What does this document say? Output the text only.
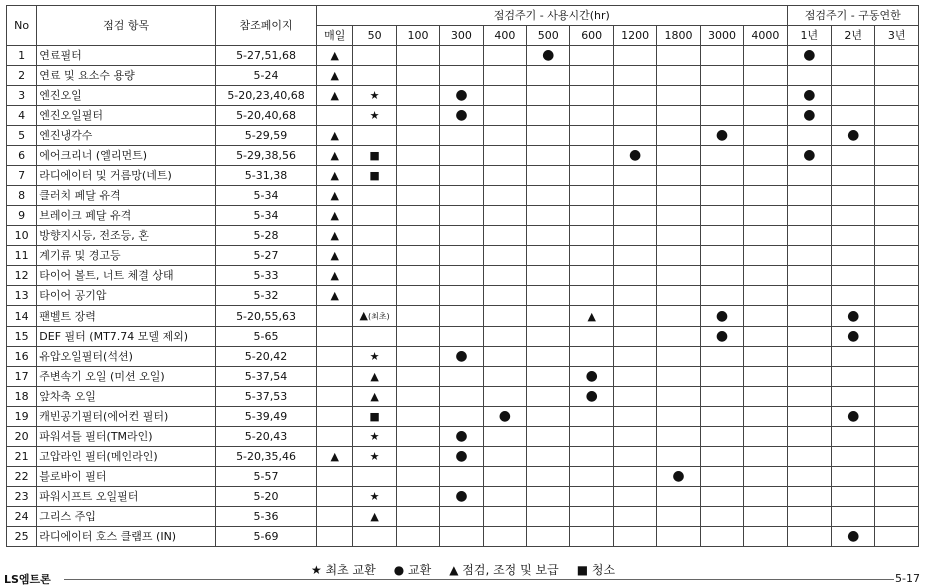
No	점검 항목	참조페이지	점검주기 - 사용시간(hr)											점검주기 - 구동연한		
			매일	50	100	300	400	500	600	1200	1800	3000	4000	1년	2년	3년
1	연료필터	5-27,51,68	▲					●						●		
2	연료 및 요소수 용량	5-24	▲													
3	엔진오일	5-20,23,40,68	▲	★		●								●		
4	엔진오일필터	5-20,40,68		★		●								●		
5	엔진냉각수	5-29,59	▲									●			●	
6	에어크리너 (엘리먼트)	5-29,38,56	▲	■						●				●		
7	라디에이터 및 거름망(네트)	5-31,38	▲	■												
8	클러치 페달 유격	5-34	▲													
9	브레이크 페달 유격	5-34	▲													
10	방향지시등, 전조등, 혼	5-28	▲													
11	계기류 및 경고등	5-27	▲													
12	타이어 볼트, 너트 체결 상태	5-33	▲													
13	타이어 공기압	5-32	▲													
14	팬벨트 장력	5-20,55,63		▲(최초)					▲			●			●	
15	DEF 필터 (MT7.74 모델 제외)	5-65										●			●	
16	유압오일필터(석션)	5-20,42		★		●										
17	주변속기 오일 (미션 오일)	5-37,54		▲					●							
18	앞차축 오일	5-37,53		▲					●							
19	캐빈공기필터(에어컨 필터)	5-39,49		■			●								●	
20	파워셔틀 필터(TM라인)	5-20,43		★		●										
21	고압라인 필터(메인라인)	5-20,35,46	▲	★		●										
22	블로바이 필터	5-57									●					
23	파워시프트 오일필터	5-20		★		●										
24	그리스 주입	5-36		▲												
25	라디에이터 호스 클램프 (IN)	5-69													●	
★ 최초 교환 ● 교환 ▲ 점검, 조정 및 보급 ■ 청소
LS엠트론	5-17
